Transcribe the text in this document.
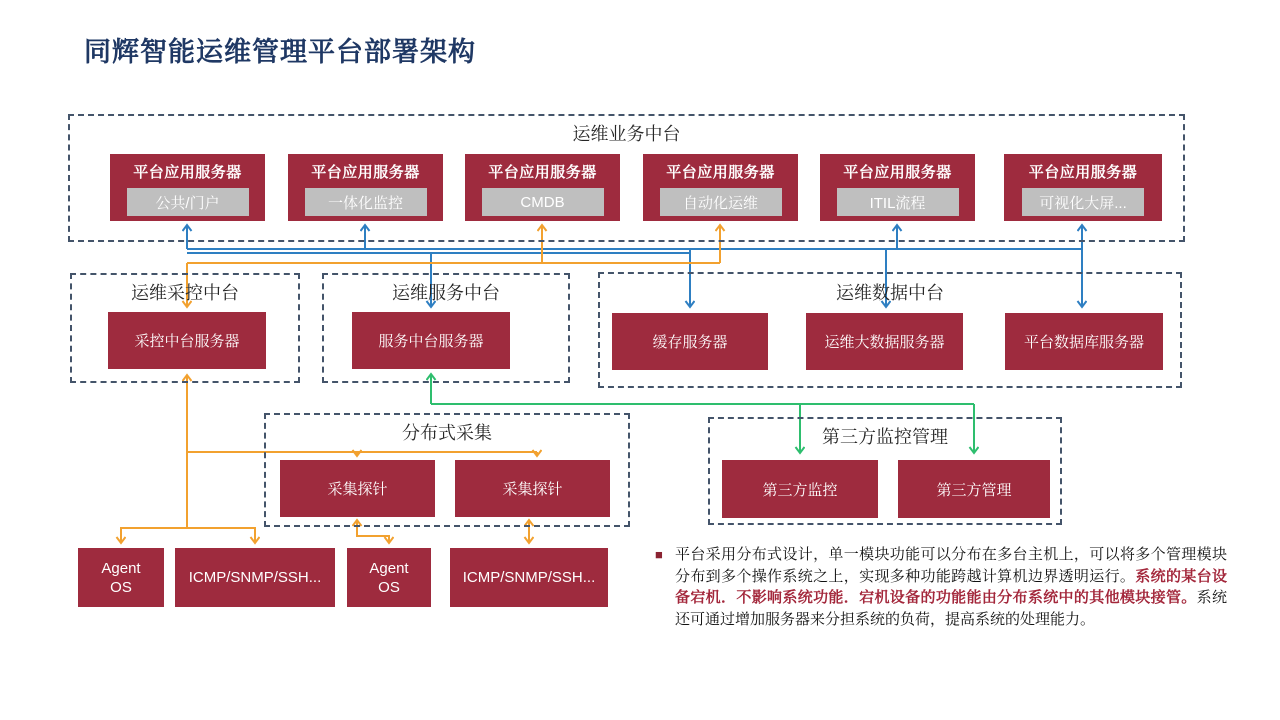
同辉智能运维管理平台部署架构
运维业务中台
平台应用服务器
公共/门户
平台应用服务器
一体化监控
平台应用服务器
CMDB
平台应用服务器
自动化运维
平台应用服务器
ITIL流程
平台应用服务器
可视化大屏...
运维采控中台
采控中台服务器
运维服务中台
服务中台服务器
运维数据中台
缓存服务器	运维大数据服务器	平台数据库服务器
分布式采集
采集探针	采集探针
第三方监控管理
第三方监控	第三方管理
Agent
OS
ICMP/SNMP/SSH...
Agent
OS
ICMP/SNMP/SSH...
■ 平台采用分布式设计，单一模块功能可以分布在多台主机上，可以将多个管理模块分布到多个操作系统之上，实现多种功能跨越计算机边界透明运行。系统的某台设备宕机．不影响系统功能．宕机设备的功能能由分布系统中的其他模块接管。系统还可通过增加服务器来分担系统的负荷，提高系统的处理能力。
